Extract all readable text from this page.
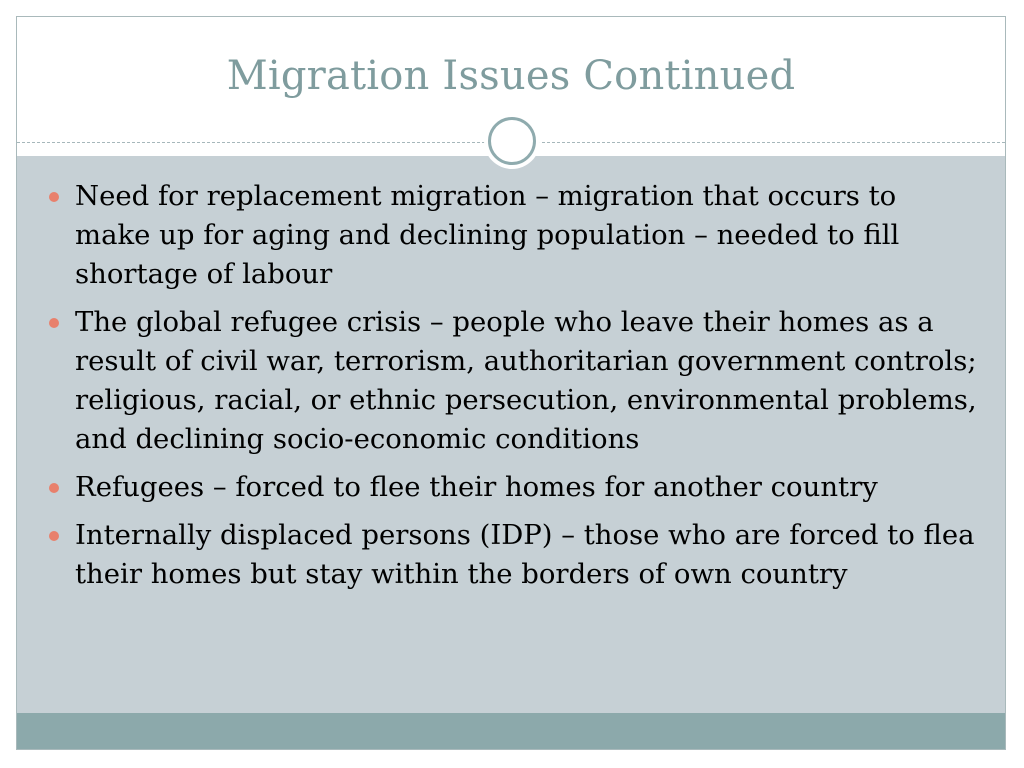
Migration Issues Continued
Need for replacement migration – migration that occurs to make up for aging and declining population – needed to fill shortage of labour
The global refugee crisis – people who leave their homes as a result of civil war, terrorism, authoritarian government controls; religious, racial, or ethnic persecution, environmental problems, and declining socio-economic conditions
Refugees – forced to flee their homes for another country
Internally displaced persons (IDP) – those who are forced to flea their homes but stay within the borders of own country
